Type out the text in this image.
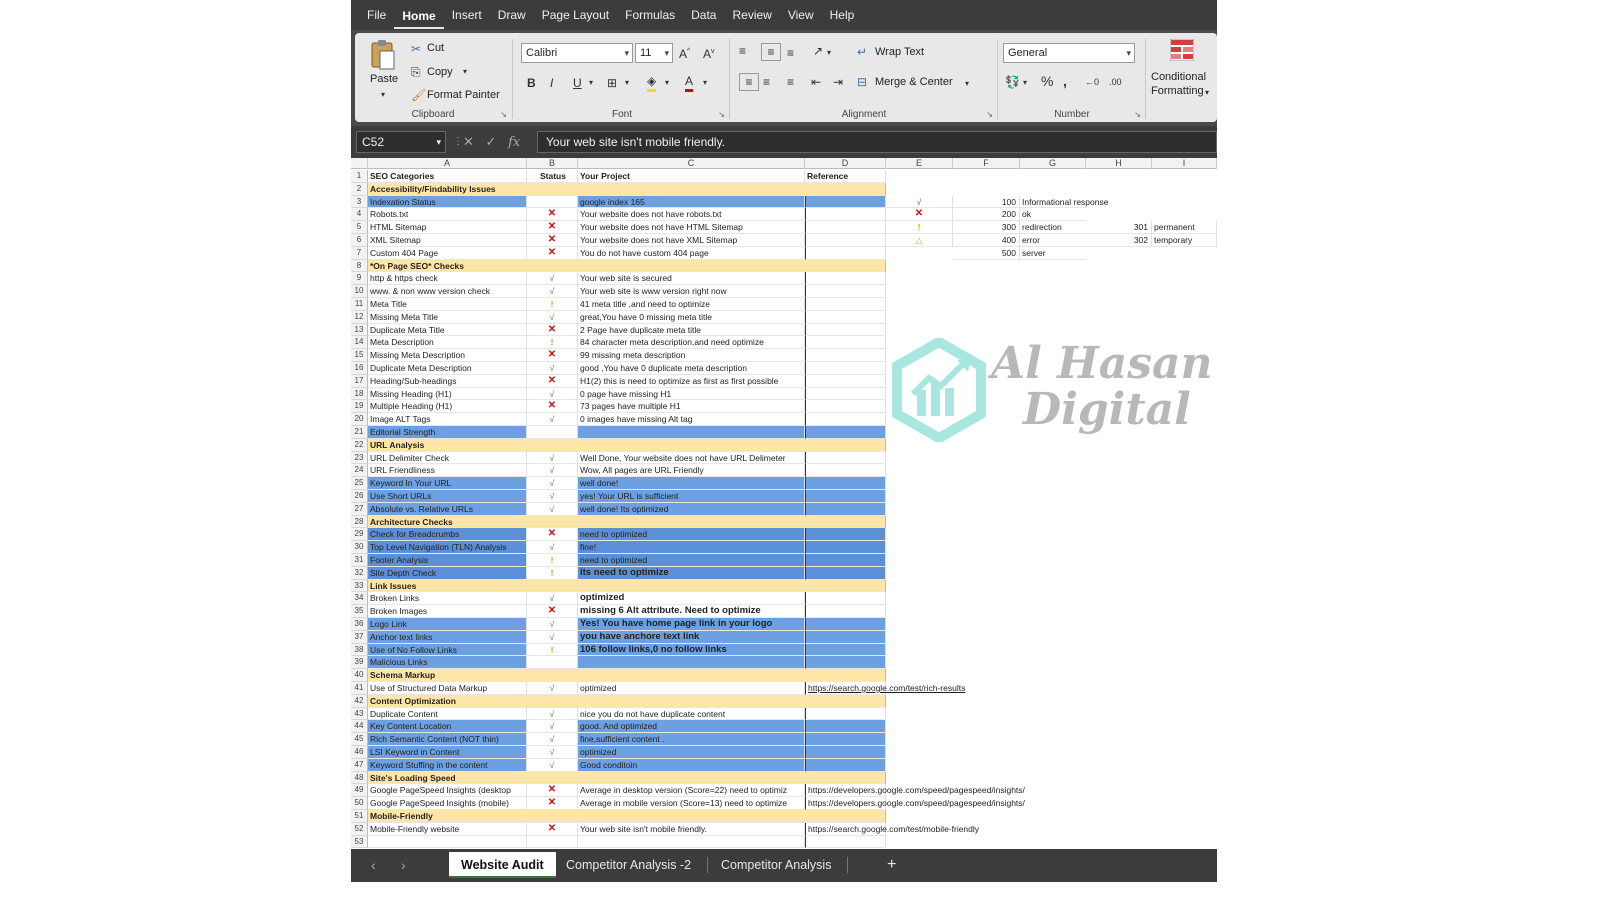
File	Home	Insert	Draw	Page Layout	Formulas	Data	Review	View	Help
Paste
▾
✂ Cut
⎘ Copy ▾
🖌 Format Painter
Clipboard	↘
Calibri	▾	11 ▾ A^ $A^v$
B I U ▾ ⊞ ▾ ◈ ▾ A ▾
Font	↘
≡	≡	≡ ↗ ▾
≡ ≡ ≡ ⇤ ⇥
↵ Wrap Text
⊟ Merge & Center ▾
Alignment	↘
General	▾
💱 ▾ % , ←0 .00
Number	↘
Conditional
Formatting ▾
C52	▾ ⋮ ✕ ✓ fx	Your web site isn't mobile friendly.
A	B	C	D	E	F	G	H	I
1	SEO Categories	Status	Your Project	Reference
2	Accessibility/Findability Issues
3	Indexation Status	google index 165	√	100 Informational response
4	Robots.txt	✕	Your website does not have robots.txt	✕	200 ok
5	HTML Sitemap	✕	Your website does not have HTML Sitemap	!	300 redirection	301 permanent
6	XML Sitemap	✕	Your website does not have XML Sitemap	△	400 error	302 temporary
7	Custom 404 Page	✕	You do not have custom 404 page	500 server
8	*On Page SEO* Checks
9	http & https check	√	Your web site is secured
10 www. & non www version check	√	Your web site is www version right now
11 Meta Title	!	41 meta title ,and need to optimize
12 Missing Meta Title	√	great,You have 0 missing meta title
13 Duplicate Meta Title	✕	2 Page have duplicate meta title
14 Meta Description	!	84 character meta description,and need optimize
15 Missing Meta Description	✕	99 missing meta description
16 Duplicate Meta Description	√	good ,You have 0 duplicate meta description
17 Heading/Sub-headings	✕	H1(2) this is need to optimize as first as first possible
18 Missing Heading (H1)	√	0 page have missing H1
19 Multiple Heading (H1)	✕	73 pages have multiple H1
20 Image ALT Tags	√	0 images have missing Alt tag
21 Editorial Strength
22 URL Analysis
23 URL Delimiter Check	√	Well Done, Your website does not have URL Delimeter
24 URL Friendliness	√	Wow, All pages are URL Friendly
25 Keyword In Your URL	√	well done!
26 Use Short URLs	√	yes! Your URL is sufficient
27 Absolute vs. Relative URLs	√	well done! Its optimized
28 Architecture Checks
29 Check for Breadcrumbs	✕	need to optimized
30 Top Level Navigation (TLN) Analysis	√	fine!
31 Footer Analysis	!	need to optimized
32 Site Depth Check	!	its need to optimize
33 Link Issues
34 Broken Links	√	optimized
35 Broken Images	✕	missing 6 Alt attribute. Need to optimize
36 Logo Link	√	Yes! You have home page link in your logo
37 Anchor text links	√	you have anchore text link
38 Use of No Follow Links	!	106 follow links,0 no follow links
39 Malicious Links
40 Schema Markup
41 Use of Structured Data Markup	√	optimized	https://search.google.com/test/rich-results
42 Content Optimization
43 Duplicate Content	√	nice you do not have duplicate content
44 Key Content Location	√	good. And optimized
45 Rich Semantic Content (NOT thin)	√	fine,sufficient content .
46 LSI Keyword in Content	√	optimized
47 Keyword Stuffing in the content	√	Good conditoin
48 Site's Loading Speed
49 Google PageSpeed Insights (desktop	✕	Average in desktop version (Score=22) need to optimiz	https://developers.google.com/speed/pagespeed/insights/
50 Google PageSpeed Insights (mobile)	✕	Average in mobile version (Score=13) need to optimize	https://developers.google.com/speed/pagespeed/insights/
51 Mobile-Friendly
52 Mobile-Friendly website	✕	Your web site isn't mobile friendly.	https://search.google.com/test/mobile-friendly
53
Al Hasan
Digital
‹ ›	Website Audit	Competitor Analysis -2	Competitor Analysis	+
